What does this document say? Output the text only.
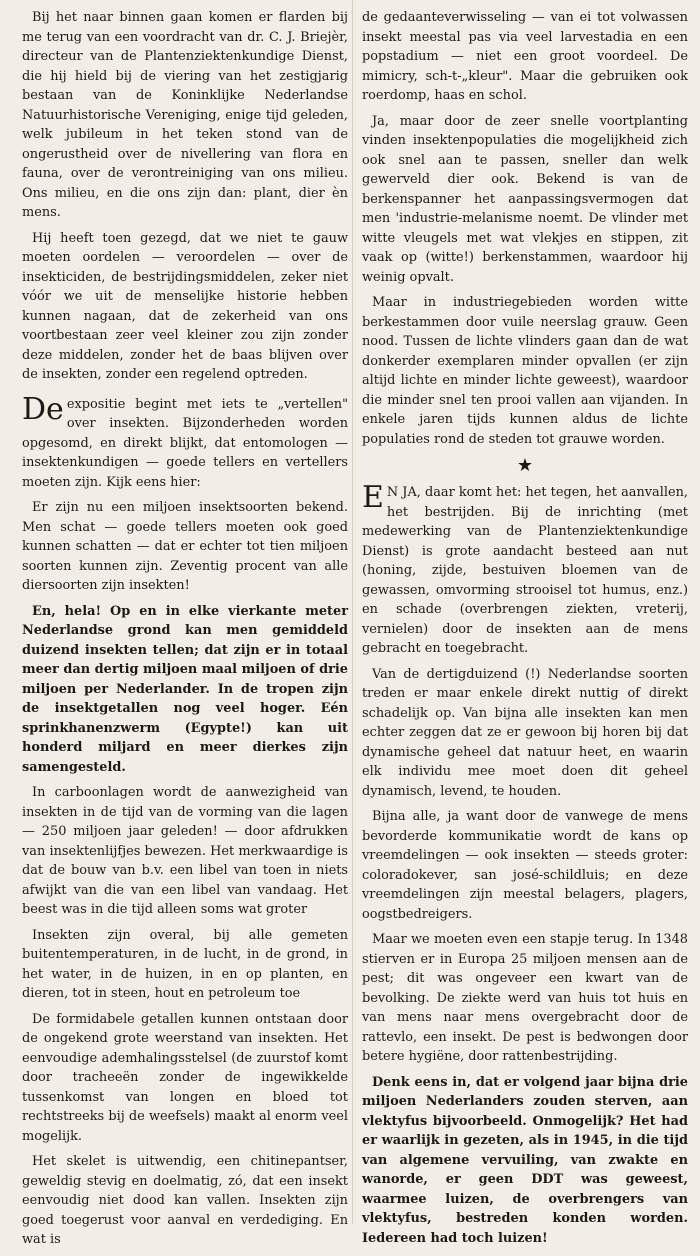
Bij het naar binnen gaan komen er flarden bij me terug van een voordracht van dr. C. J. Briejèr, directeur van de Plantenziektenkundige Dienst, die hij hield bij de viering van het zestigjarig bestaan van de Koninklijke Nederlandse Natuurhistorische Vereniging, enige tijd geleden, welk jubileum in het teken stond van de ongerustheid over de nivellering van flora en fauna, over de verontreiniging van ons milieu. Ons milieu, en die ons zijn dan: plant, dier èn mens.

Hij heeft toen gezegd, dat we niet te gauw moeten oordelen — veroordelen — over de insekticiden, de bestrijdingsmiddelen, zeker niet vóór we uit de menselijke historie hebben kunnen nagaan, dat de zekerheid van ons voortbestaan zeer veel kleiner zou zijn zonder deze middelen, zonder het de baas blijven over de insekten, zonder een regelend optreden.

De expositie begint met iets te „vertellen" over insekten. Bijzonderheden worden opgesomd, en direkt blijkt, dat entomologen — insektenkundigen — goede tellers en vertellers moeten zijn. Kijk eens hier:

Er zijn nu een miljoen insektsoorten bekend. Men schat — goede tellers moeten ook goed kunnen schatten — dat er echter tot tien miljoen soorten kunnen zijn. Zeventig procent van alle diersoorten zijn insekten!

En, hela! Op en in elke vierkante meter Nederlandse grond kan men gemiddeld duizend insekten tellen; dat zijn er in totaal meer dan dertig miljoen maal miljoen of drie miljoen per Nederlander. In de tropen zijn de insektgetallen nog veel hoger. Eén sprinkhanenzwerm (Egypte!) kan uit honderd miljard en meer dierkes zijn samengesteld.

In carboonlagen wordt de aanwezigheid van insekten in de tijd van de vorming van die lagen — 250 miljoen jaar geleden! — door afdrukken van insektenlijfjes bewezen. Het merkwaardige is dat de bouw van b.v. een libel van toen in niets afwijkt van die van een libel van vandaag. Het beest was in die tijd alleen soms wat groter

Insekten zijn overal, bij alle gemeten buitentemperaturen, in de lucht, in de grond, in het water, in de huizen, in en op planten, en dieren, tot in steen, hout en petroleum toe

De formidabele getallen kunnen ontstaan door de ongekend grote weerstand van insekten. Het eenvoudige ademhalingsstelsel (de zuurstof komt door tracheeën zonder de ingewikkelde tussenkomst van longen en bloed tot rechtstreeks bij de weefsels) maakt al enorm veel mogelijk.

Het skelet is uitwendig, een chitinepantser, geweldig stevig en doelmatig, zó, dat een insekt eenvoudig niet dood kan vallen. Insekten zijn goed toegerust voor aanval en verdediging. En wat is

de gedaanteverwisseling — van ei tot volwassen insekt meestal pas via veel larvestadia en een popstadium — niet een groot voordeel. De mimicry, sch-t-„kleur". Maar die gebruiken ook roerdomp, haas en schol.

Ja, maar door de zeer snelle voortplanting vinden insektenpopulaties die mogelijkheid zich ook snel aan te passen, sneller dan welk gewerveld dier ook. Bekend is van de berkenspanner het aanpassingsvermogen dat men 'industrie-melanisme noemt. De vlinder met witte vleugels met wat vlekjes en stippen, zit vaak op (witte!) berkenstammen, waardoor hij weinig opvalt.

Maar in industriegebieden worden witte berkestammen door vuile neerslag grauw. Geen nood. Tussen de lichte vlinders gaan dan de wat donkerder exemplaren minder opvallen (er zijn altijd lichte en minder lichte geweest), waardoor die minder snel ten prooi vallen aan vijanden. In enkele jaren tijds kunnen aldus de lichte populaties rond de steden tot grauwe worden.

★

E N JA, daar komt het: het tegen, het aanvallen, het bestrijden. Bij de inrichting (met medewerking van de Plantenziektenkundige Dienst) is grote aandacht besteed aan nut (honing, zijde, bestuiven bloemen van de gewassen, omvorming strooisel tot humus, enz.) en schade (overbrengen ziekten, vreterij, vernielen) door de insekten aan de mens gebracht en toegebracht.

Van de dertigduizend (!) Nederlandse soorten treden er maar enkele direkt nuttig of direkt schadelijk op. Van bijna alle insekten kan men echter zeggen dat ze er gewoon bij horen bij dat dynamische geheel dat natuur heet, en waarin elk individu mee moet doen dit geheel dynamisch, levend, te houden.

Bijna alle, ja want door de vanwege de mens bevorderde kommunikatie wordt de kans op vreemdelingen — ook insekten — steeds groter: coloradokever, san josé-schildluis; en deze vreemdelingen zijn meestal belagers, plagers, oogstbedreigers.

Maar we moeten even een stapje terug. In 1348 stierven er in Europa 25 miljoen mensen aan de pest; dit was ongeveer een kwart van de bevolking. De ziekte werd van huis tot huis en van mens naar mens overgebracht door de rattevlo, een insekt. De pest is bedwongen door betere hygiëne, door rattenbestrijding.

Denk eens in, dat er volgend jaar bijna drie miljoen Nederlanders zouden sterven, aan vlektyfus bijvoorbeeld. Onmogelijk? Het had er waarlijk in gezeten, als in 1945, in die tijd van algemene vervuiling, van zwakte en wanorde, er geen DDT was geweest, waarmee luizen, de overbrengers van vlektyfus, bestreden konden worden. Iedereen had toch luizen!
